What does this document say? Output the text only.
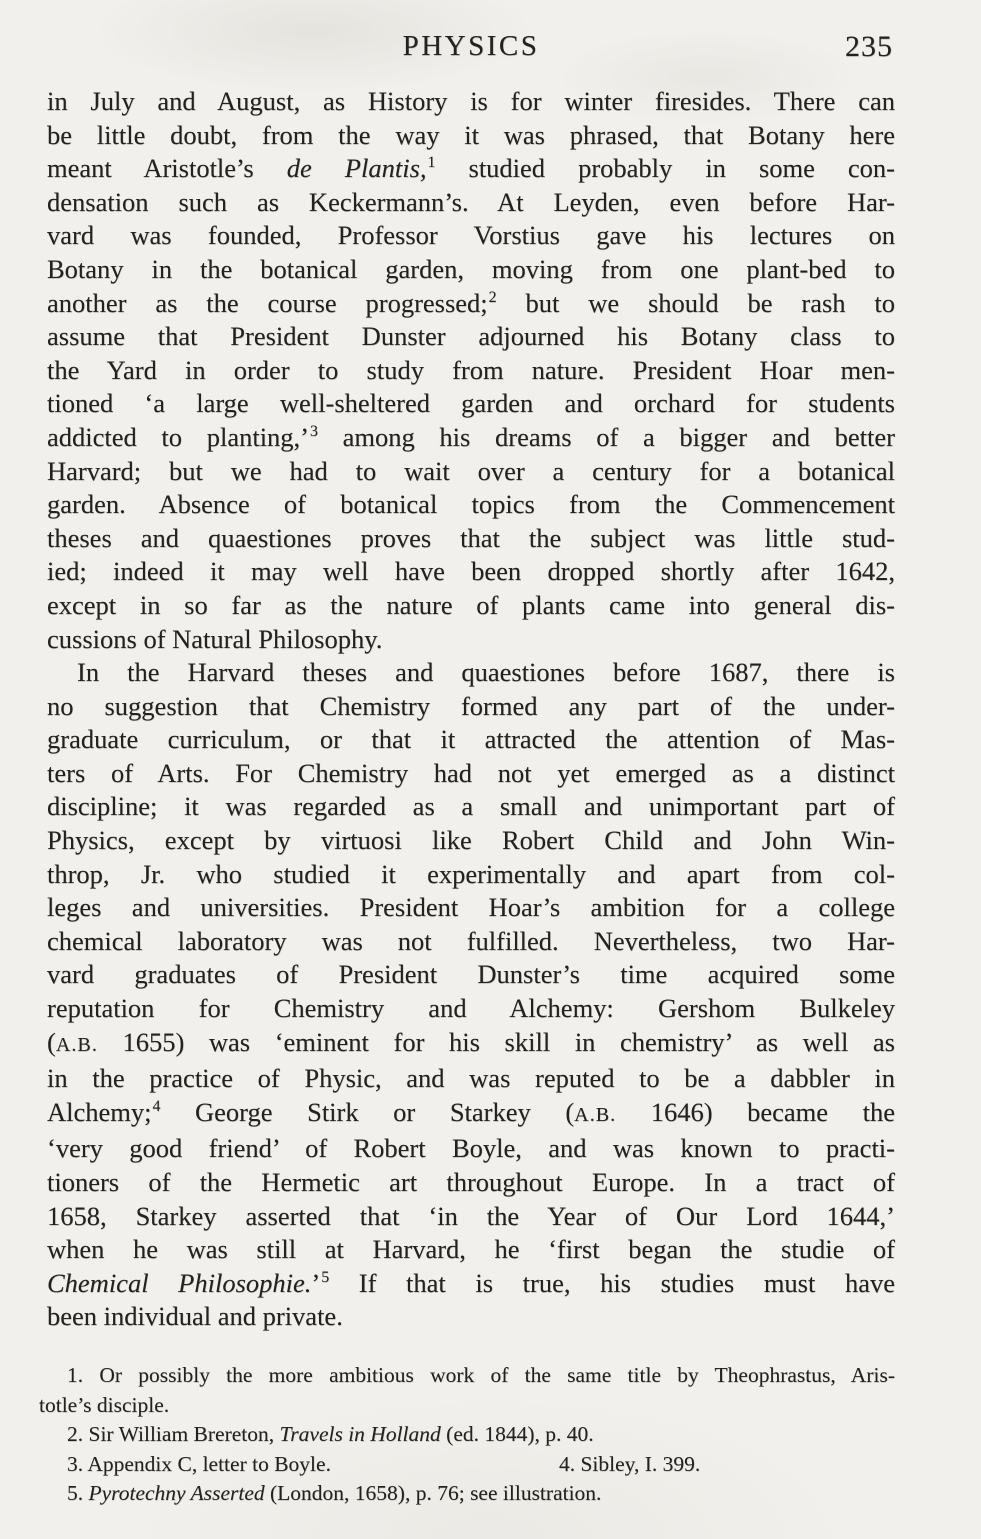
PHYSICS	235
in July and August, as History is for winter firesides. There can
be little doubt, from the way it was phrased, that Botany here
meant Aristotle’s de Plantis,$^1$ studied probably in some con-
densation such as Keckermann’s. At Leyden, even before Har-
vard was founded, Professor Vorstius gave his lectures on
Botany in the botanical garden, moving from one plant-bed to
another as the course progressed;$^2$ but we should be rash to
assume that President Dunster adjourned his Botany class to
the Yard in order to study from nature. President Hoar men-
tioned ‘a large well-sheltered garden and orchard for students
addicted to planting,’$^3$ among his dreams of a bigger and better
Harvard; but we had to wait over a century for a botanical
garden. Absence of botanical topics from the Commencement
theses and quaestiones proves that the subject was little stud-
ied; indeed it may well have been dropped shortly after 1642,
except in so far as the nature of plants came into general dis-
cussions of Natural Philosophy.
In the Harvard theses and quaestiones before 1687, there is
no suggestion that Chemistry formed any part of the under-
graduate curriculum, or that it attracted the attention of Mas-
ters of Arts. For Chemistry had not yet emerged as a distinct
discipline; it was regarded as a small and unimportant part of
Physics, except by virtuosi like Robert Child and John Win-
throp, Jr. who studied it experimentally and apart from col-
leges and universities. President Hoar’s ambition for a college
chemical laboratory was not fulfilled. Nevertheless, two Har-
vard graduates of President Dunster’s time acquired some
reputation for Chemistry and Alchemy: Gershom Bulkeley
(A.B. 1655) was ‘eminent for his skill in chemistry’ as well as
in the practice of Physic, and was reputed to be a dabbler in
Alchemy;$^4$ George Stirk or Starkey (A.B. 1646) became the
‘very good friend’ of Robert Boyle, and was known to practi-
tioners of the Hermetic art throughout Europe. In a tract of
1658, Starkey asserted that ‘in the Year of Our Lord 1644,’
when he was still at Harvard, he ‘first began the studie of
Chemical Philosophie.’$^5$ If that is true, his studies must have
been individual and private.
1. Or possibly the more ambitious work of the same title by Theophrastus, Aris-
totle’s disciple.
2. Sir William Brereton, Travels in Holland (ed. 1844), p. 40.
3. Appendix C, letter to Boyle.	4. Sibley, I. 399.
5. Pyrotechny Asserted (London, 1658), p. 76; see illustration.
